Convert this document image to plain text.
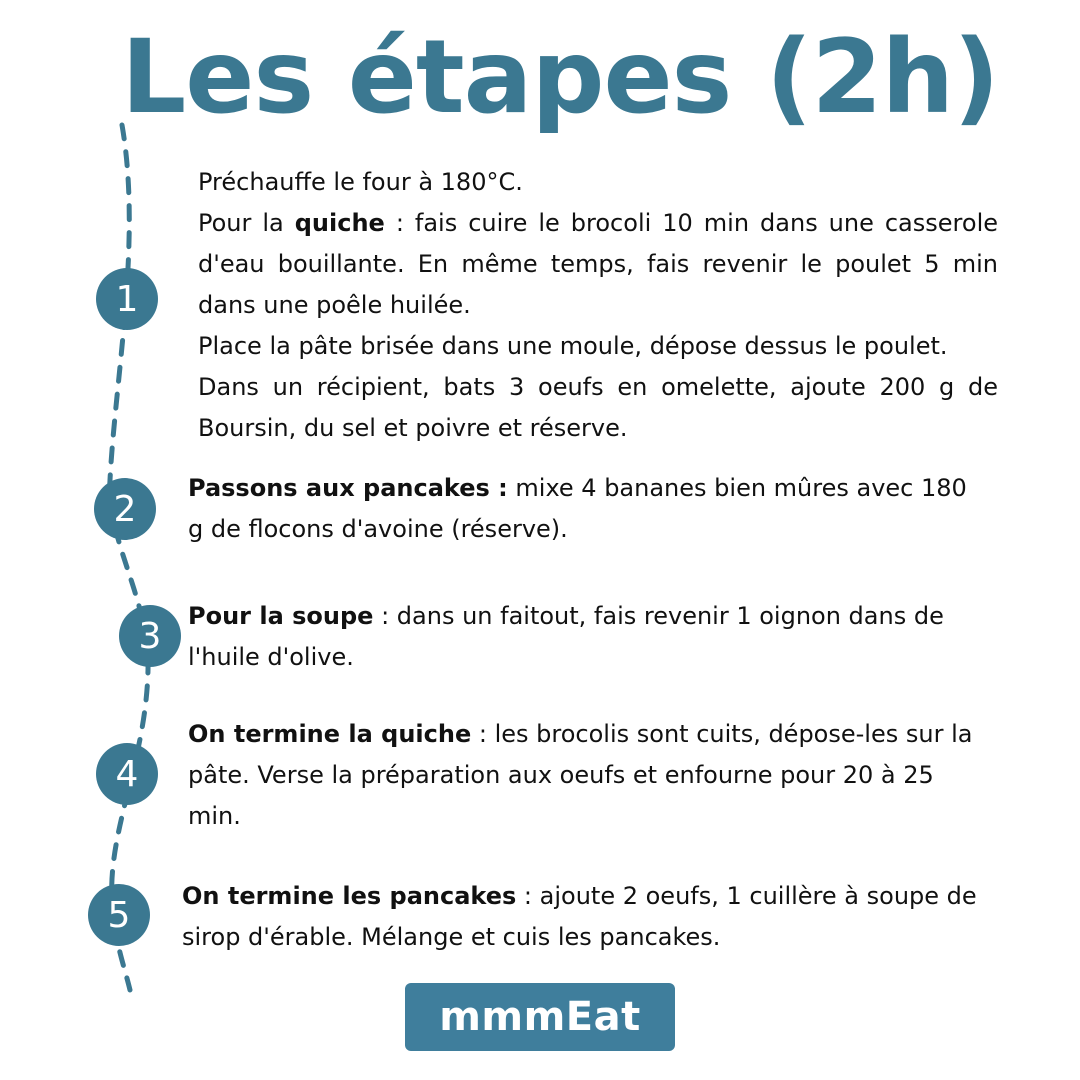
Les étapes (2h)
1
2
3
4
5

Préchauffe le four à 180°C.

Pour la quiche : fais cuire le brocoli 10 min dans une casserole d'eau bouillante. En même temps, fais revenir le poulet 5 min dans une poêle huilée.

Place la pâte brisée dans une moule, dépose dessus le poulet.

Dans un récipient, bats 3 oeufs en omelette, ajoute 200 g de Boursin, du sel et poivre et réserve.

Passons aux pancakes : mixe 4 bananes bien mûres avec 180 g de flocons d'avoine (réserve).

Pour la soupe : dans un faitout, fais revenir 1 oignon dans de l'huile d'olive.

On termine la quiche : les brocolis sont cuits, dépose-les sur la pâte. Verse la préparation aux oeufs et enfourne pour 20 à 25 min.

On termine les pancakes : ajoute 2 oeufs, 1 cuillère à soupe de sirop d'érable. Mélange et cuis les pancakes.

mmmEat
